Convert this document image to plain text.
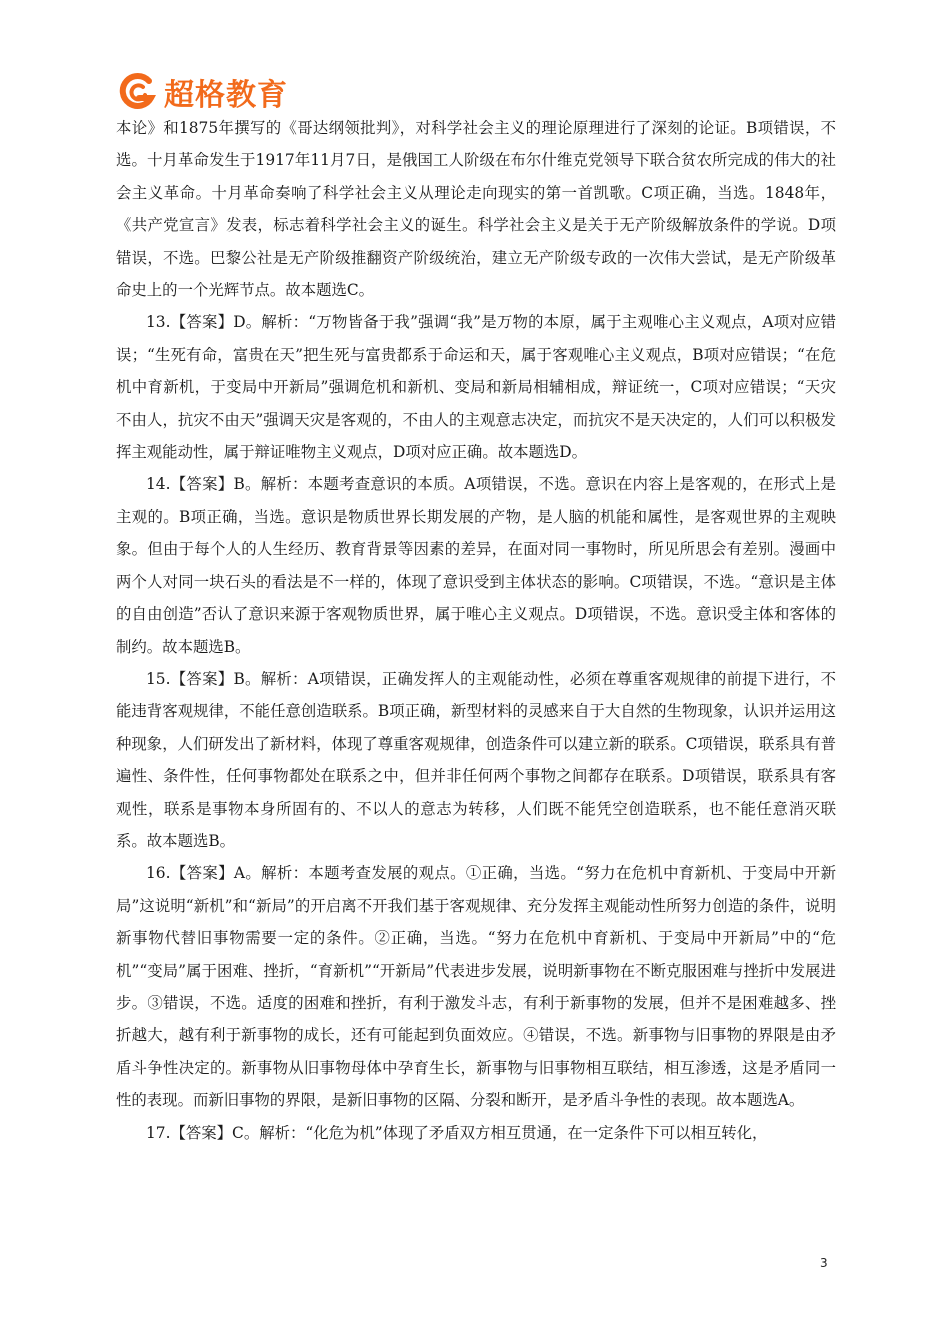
超格教育

本论》和1875年撰写的《哥达纲领批判》，对科学社会主义的理论原理进行了深刻的论证。B项错误，不选。十月革命发生于1917年11月7日，是俄国工人阶级在布尔什维克党领导下联合贫农所完成的伟大的社会主义革命。十月革命奏响了科学社会主义从理论走向现实的第一首凯歌。C项正确，当选。1848年，《共产党宣言》发表，标志着科学社会主义的诞生。科学社会主义是关于无产阶级解放条件的学说。D项错误，不选。巴黎公社是无产阶级推翻资产阶级统治，建立无产阶级专政的一次伟大尝试，是无产阶级革命史上的一个光辉节点。故本题选C。

13.【答案】D。解析：“万物皆备于我”强调“我”是万物的本原，属于主观唯心主义观点，A项对应错误；“生死有命，富贵在天”把生死与富贵都系于命运和天，属于客观唯心主义观点，B项对应错误；“在危机中育新机，于变局中开新局”强调危机和新机、变局和新局相辅相成，辩证统一，C项对应错误；“天灾不由人，抗灾不由天”强调天灾是客观的，不由人的主观意志决定，而抗灾不是天决定的，人们可以积极发挥主观能动性，属于辩证唯物主义观点，D项对应正确。故本题选D。

14.【答案】B。解析：本题考查意识的本质。A项错误，不选。意识在内容上是客观的，在形式上是主观的。B项正确，当选。意识是物质世界长期发展的产物，是人脑的机能和属性，是客观世界的主观映象。但由于每个人的人生经历、教育背景等因素的差异，在面对同一事物时，所见所思会有差别。漫画中两个人对同一块石头的看法是不一样的，体现了意识受到主体状态的影响。C项错误，不选。“意识是主体的自由创造”否认了意识来源于客观物质世界，属于唯心主义观点。D项错误，不选。意识受主体和客体的制约。故本题选B。

15.【答案】B。解析：A项错误，正确发挥人的主观能动性，必须在尊重客观规律的前提下进行，不能违背客观规律，不能任意创造联系。B项正确，新型材料的灵感来自于大自然的生物现象，认识并运用这种现象，人们研发出了新材料，体现了尊重客观规律，创造条件可以建立新的联系。C项错误，联系具有普遍性、条件性，任何事物都处在联系之中，但并非任何两个事物之间都存在联系。D项错误，联系具有客观性，联系是事物本身所固有的、不以人的意志为转移，人们既不能凭空创造联系，也不能任意消灭联系。故本题选B。

16.【答案】A。解析：本题考查发展的观点。①正确，当选。“努力在危机中育新机、于变局中开新局”这说明“新机”和“新局”的开启离不开我们基于客观规律、充分发挥主观能动性所努力创造的条件，说明新事物代替旧事物需要一定的条件。②正确，当选。“努力在危机中育新机、于变局中开新局”中的“危机”“变局”属于困难、挫折，“育新机”“开新局”代表进步发展，说明新事物在不断克服困难与挫折中发展进步。③错误，不选。适度的困难和挫折，有利于激发斗志，有利于新事物的发展，但并不是困难越多、挫折越大，越有利于新事物的成长，还有可能起到负面效应。④错误，不选。新事物与旧事物的界限是由矛盾斗争性决定的。新事物从旧事物母体中孕育生长，新事物与旧事物相互联结，相互渗透，这是矛盾同一性的表现。而新旧事物的界限，是新旧事物的区隔、分裂和断开，是矛盾斗争性的表现。故本题选A。

17.【答案】C。解析：“化危为机”体现了矛盾双方相互贯通，在一定条件下可以相互转化，

3
